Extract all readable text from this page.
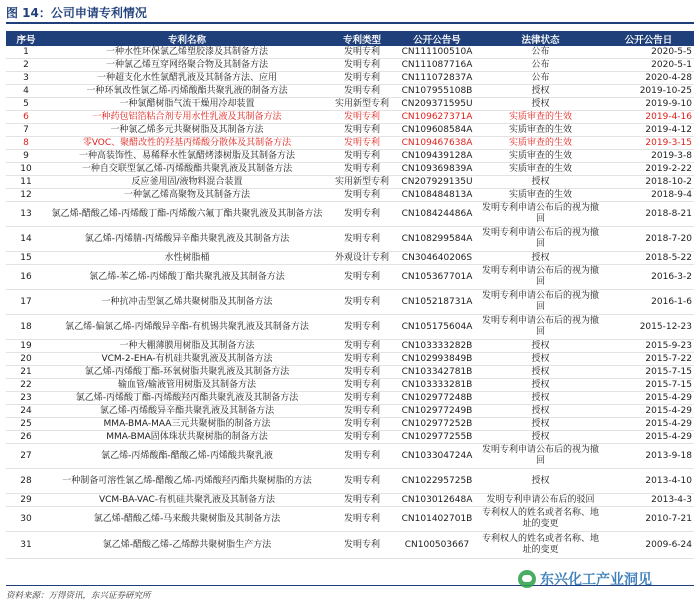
图 14：公司申请专利情况
序号	专利名称	专利类型	公开公告号	法律状态	公开公告日
1	一种水性环保氯乙烯塑胶漆及其制备方法	发明专利	CN111100510A	公布	2020-5-5
2	一种氯乙烯互穿网络聚合物及其制备方法	发明专利	CN111087716A	公布	2020-5-1
3	一种超支化水性氯醋乳液及其制备方法、应用	发明专利	CN111072837A	公布	2020-4-28
4	一种环氧改性氯乙烯-丙烯酸酯共聚乳液的制备方法	发明专利	CN107955108B	授权	2019-10-25
5	一种氯醋树脂气流干燥用冷却装置	实用新型专利	CN209371595U	授权	2019-9-10
6	一种药包铝箔粘合剂专用水性乳液及其制备方法	发明专利	CN109627371A	实质审查的生效	2019-4-16
7	一种氯乙烯多元共聚树脂及其制备方法	发明专利	CN109608584A	实质审查的生效	2019-4-12
8	零VOC、聚醋改性的羟基丙烯酸分散体及其制备方法	发明专利	CN109467638A	实质审查的生效	2019-3-15
9	一种高装饰性、易稀释水性氯醋烤漆树脂及其制备方法	发明专利	CN109439128A	实质审查的生效	2019-3-8
10	一种自交联型氯乙烯-丙烯酸酯共聚乳液及其制备方法	发明专利	CN109369839A	实质审查的生效	2019-2-22
11	反应釜用固/液物料混合装置	实用新型专利	CN207929135U	授权	2018-10-2
12	一种氯乙烯高聚物及其制备方法	发明专利	CN108484813A	实质审查的生效	2018-9-4
13	氯乙烯-醋酸乙烯-丙烯酸丁酯-丙烯酸六氟丁酯共聚乳液及其制备方法	发明专利	CN108424486A	发明专利申请公布后的视为撤回	2018-8-21
14	氯乙烯-丙烯腈-丙烯酸异辛酯共聚乳液及其制备方法	发明专利	CN108299584A	发明专利申请公布后的视为撤回	2018-7-20
15	水性树脂桶	外观设计专利	CN304640206S	授权	2018-5-22
16	氯乙烯-苯乙烯-丙烯酸丁酯共聚乳液及其制备方法	发明专利	CN105367701A	发明专利申请公布后的视为撤回	2016-3-2
17	一种抗冲击型氯乙烯共聚树脂及其制备方法	发明专利	CN105218731A	发明专利申请公布后的视为撤回	2016-1-6
18	氯乙烯-偏氯乙烯-丙烯酸异辛酯-有机锡共聚乳液及其制备方法	发明专利	CN105175604A	发明专利申请公布后的视为撤回	2015-12-23
19	一种大棚薄膜用树脂及其制备方法	发明专利	CN103333282B	授权	2015-9-23
20	VCM-2-EHA-有机硅共聚乳液及其制备方法	发明专利	CN102993849B	授权	2015-7-22
21	氯乙烯-丙烯酸丁酯-环氧树脂共聚乳液及其制备方法	发明专利	CN103342781B	授权	2015-7-15
22	输血管/输液管用树脂及其制备方法	发明专利	CN103333281B	授权	2015-7-15
23	氯乙烯-丙烯酸丁酯-丙烯酸羟丙酯共聚乳液及其制备方法	发明专利	CN102977248B	授权	2015-4-29
24	氯乙烯-丙烯酸异辛酯共聚乳液及其制备方法	发明专利	CN102977249B	授权	2015-4-29
25	MMA-BMA-MAA三元共聚树脂的制备方法	发明专利	CN102977252B	授权	2015-4-29
26	MMA-BMA固体珠状共聚树脂的制备方法	发明专利	CN102977255B	授权	2015-4-29
27	氯乙烯-丙烯酸酯-醋酸乙烯-丙烯酸共聚乳液	发明专利	CN103304724A	发明专利申请公布后的视为撤回	2013-9-18
28	一种制备可溶性氯乙烯-醋酸乙烯-丙烯酸羟丙酯共聚树脂的方法	发明专利	CN102295725B	授权	2013-4-10
29	VCM-BA-VAC-有机硅共聚乳液及其制备方法	发明专利	CN103012648A	发明专利申请公布后的驳回	2013-4-3
30	氯乙烯-醋酸乙烯-马来酸共聚树脂及其制备方法	发明专利	CN101402701B	专利权人的姓名或者名称、地址的变更	2010-7-21
31	氯乙烯-醋酸乙烯-乙烯醇共聚树脂生产方法	发明专利	CN100503667	专利权人的姓名或者名称、地址的变更	2009-6-24
资料来源：万得资讯，东兴证券研究所
东兴化工产业洞见
